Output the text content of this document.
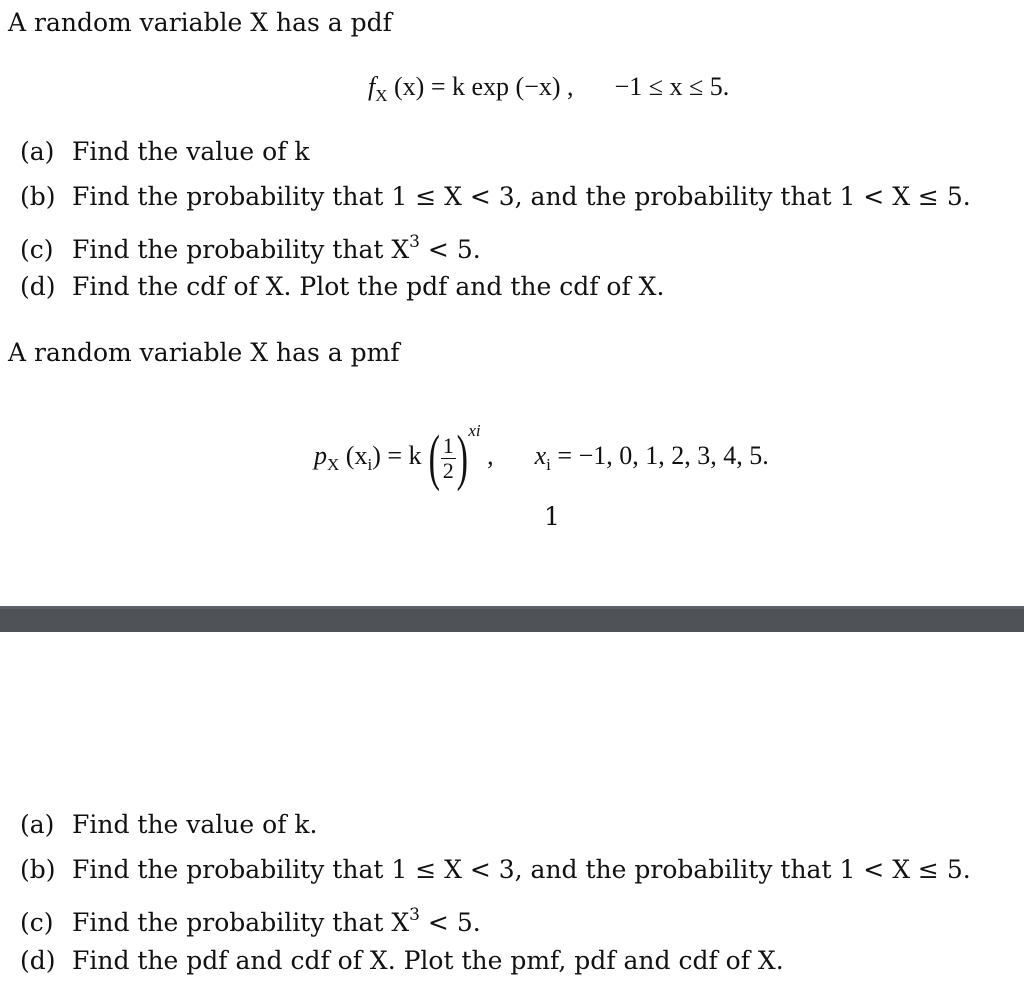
A random variable X has a pdf
$f_X$ (x) = k exp (−x) , −1 ≤ x ≤ 5.
(a) Find the value of k
(b) Find the probability that 1 ≤ X < 3, and the probability that 1 < X ≤ 5.
(c) Find the probability that $X^3 < 5$.
(d) Find the cdf of X. Plot the pdf and the cdf of X.
A random variable X has a pmf
$p_X$ $(x_i) = k$ ( $\frac{1}{2} )xi$ , $x_i = -1$, 0, 1, 2, 3, 4, 5.
1
(a) Find the value of k.
(b) Find the probability that 1 ≤ X < 3, and the probability that 1 < X ≤ 5.
(c) Find the probability that $X^3 < 5$.
(d) Find the pdf and cdf of X. Plot the pmf, pdf and cdf of X.
